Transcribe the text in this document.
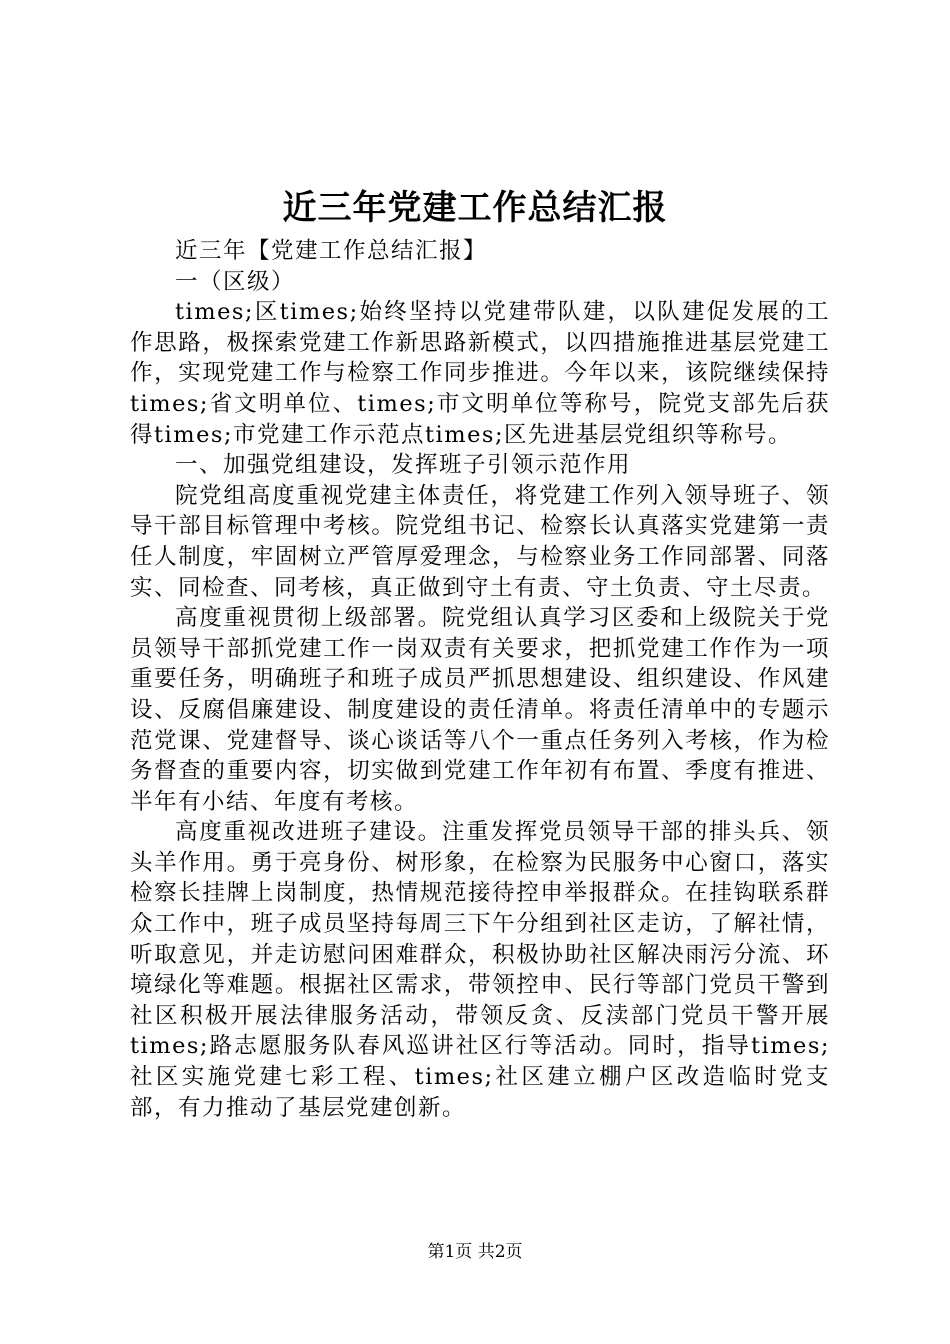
近三年党建工作总结汇报

近三年【党建工作总结汇报】

一（区级）

times;区times;始终坚持以党建带队建，以队建促发展的工作思路，极探索党建工作新思路新模式，以四措施推进基层党建工作，实现党建工作与检察工作同步推进。今年以来，该院继续保持times;省文明单位、times;市文明单位等称号，院党支部先后获得times;市党建工作示范点times;区先进基层党组织等称号。

一、加强党组建设，发挥班子引领示范作用

院党组高度重视党建主体责任，将党建工作列入领导班子、领导干部目标管理中考核。院党组书记、检察长认真落实党建第一责任人制度，牢固树立严管厚爱理念，与检察业务工作同部署、同落实、同检查、同考核，真正做到守土有责、守土负责、守土尽责。

高度重视贯彻上级部署。院党组认真学习区委和上级院关于党员领导干部抓党建工作一岗双责有关要求，把抓党建工作作为一项重要任务，明确班子和班子成员严抓思想建设、组织建设、作风建设、反腐倡廉建设、制度建设的责任清单。将责任清单中的专题示范党课、党建督导、谈心谈话等八个一重点任务列入考核，作为检务督查的重要内容，切实做到党建工作年初有布置、季度有推进、半年有小结、年度有考核。

高度重视改进班子建设。注重发挥党员领导干部的排头兵、领头羊作用。勇于亮身份、树形象，在检察为民服务中心窗口，落实检察长挂牌上岗制度，热情规范接待控申举报群众。在挂钩联系群众工作中，班子成员坚持每周三下午分组到社区走访，了解社情，听取意见，并走访慰问困难群众，积极协助社区解决雨污分流、环境绿化等难题。根据社区需求，带领控申、民行等部门党员干警到社区积极开展法律服务活动，带领反贪、反渎部门党员干警开展times;路志愿服务队春风巡讲社区行等活动。同时，指导times;社区实施党建七彩工程、times;社区建立棚户区改造临时党支部，有力推动了基层党建创新。

第1页 共2页
